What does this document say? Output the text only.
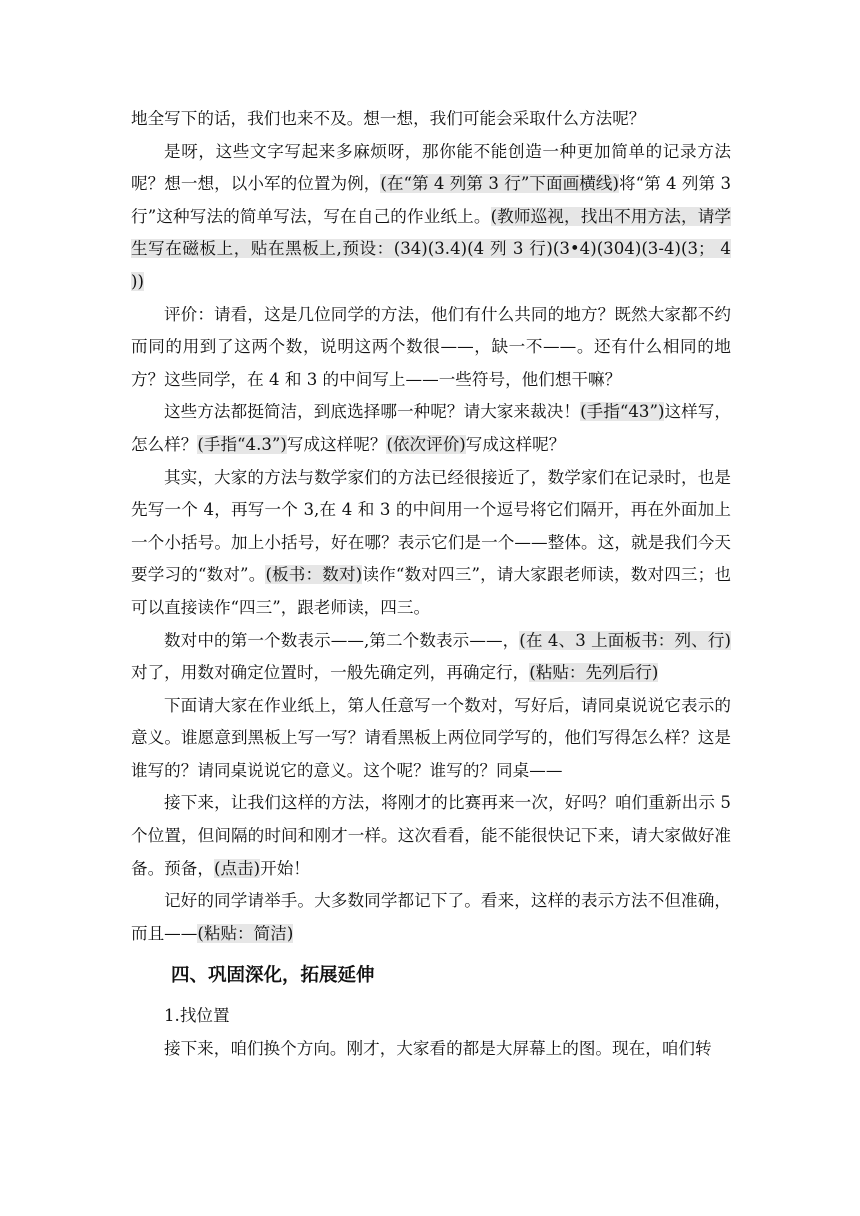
地全写下的话，我们也来不及。想一想，我们可能会采取什么方法呢？

是呀，这些文字写起来多麻烦呀，那你能不能创造一种更加简单的记录方法呢？想一想，以小军的位置为例，(在“第 4 列第 3 行”下面画横线)将“第 4 列第 3 行”这种写法的简单写法，写在自己的作业纸上。(教师巡视，找出不用方法，请学生写在磁板上，贴在黑板上,预设：(34)(3.4)(4 列 3 行)(3•4)(304)(3-4)(3； 4 ))

评价：请看，这是几位同学的方法，他们有什么共同的地方？既然大家都不约而同的用到了这两个数，说明这两个数很——，缺一不——。还有什么相同的地方？这些同学，在 4 和 3 的中间写上——一些符号，他们想干嘛？

这些方法都挺简洁，到底选择哪一种呢？请大家来裁决！(手指“43”)这样写，怎么样？(手指“4.3”)写成这样呢？(依次评价)写成这样呢？

其实，大家的方法与数学家们的方法已经很接近了，数学家们在记录时，也是先写一个 4，再写一个 3,在 4 和 3 的中间用一个逗号将它们隔开，再在外面加上一个小括号。加上小括号，好在哪？表示它们是一个——整体。这，就是我们今天要学习的“数对”。(板书：数对)读作“数对四三”，请大家跟老师读，数对四三；也可以直接读作“四三”，跟老师读，四三。

数对中的第一个数表示——,第二个数表示——，(在 4、3 上面板书：列、行)对了，用数对确定位置时，一般先确定列，再确定行，(粘贴：先列后行)

下面请大家在作业纸上，第人任意写一个数对，写好后，请同桌说说它表示的意义。谁愿意到黑板上写一写？请看黑板上两位同学写的，他们写得怎么样？这是谁写的？请同桌说说它的意义。这个呢？谁写的？同桌——

接下来，让我们这样的方法，将刚才的比赛再来一次，好吗？咱们重新出示 5 个位置，但间隔的时间和刚才一样。这次看看，能不能很快记下来，请大家做好准备。预备，(点击)开始！

记好的同学请举手。大多数同学都记下了。看来，这样的表示方法不但准确，而且——(粘贴：简洁)

四、巩固深化，拓展延伸

1.找位置

接下来，咱们换个方向。刚才，大家看的都是大屏幕上的图。现在，咱们转
